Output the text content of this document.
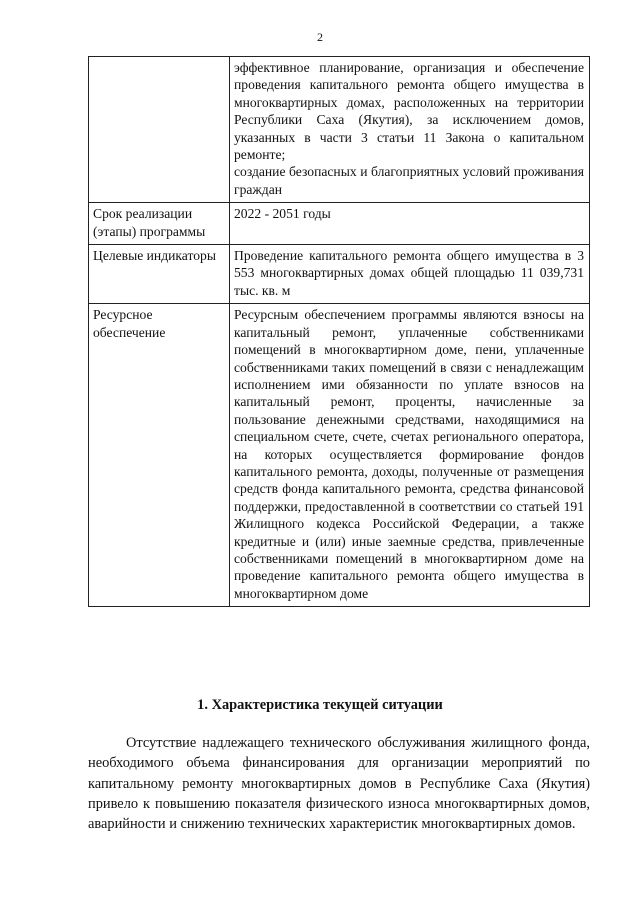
2

	эффективное планирование, организация и обеспечение проведения капитального ремонта общего имущества в многоквартирных домах, расположенных на территории Республики Саха (Якутия), за исключением домов, указанных в части 3 статьи 11 Закона о капитальном ремонте;

создание безопасных и благоприятных условий проживания граждан

Срок реализации (этапы) программы	2022 - 2051 годы

Целевые индикаторы	Проведение капитального ремонта общего имущества в 3 553 многоквартирных домах общей площадью 11 039,731 тыс. кв. м

Ресурсное обеспечение	Ресурсным обеспечением программы являются взносы на капитальный ремонт, уплаченные собственниками помещений в многоквартирном доме, пени, уплаченные собственниками таких помещений в связи с ненадлежащим исполнением ими обязанности по уплате взносов на капитальный ремонт, проценты, начисленные за пользование денежными средствами, находящимися на специальном счете, счете, счетах регионального оператора, на которых осуществляется формирование фондов капитального ремонта, доходы, полученные от размещения средств фонда капитального ремонта, средства финансовой поддержки, предоставленной в соответствии со статьей 191 Жилищного кодекса Российской Федерации, а также кредитные и (или) иные заемные средства, привлеченные собственниками помещений в многоквартирном доме на проведение капитального ремонта общего имущества в многоквартирном доме

1. Характеристика текущей ситуации

Отсутствие надлежащего технического обслуживания жилищного фонда, необходимого объема финансирования для организации мероприятий по капитальному ремонту многоквартирных домов в Республике Саха (Якутия) привело к повышению показателя физического износа многоквартирных домов, аварийности и снижению технических характеристик многоквартирных домов.
